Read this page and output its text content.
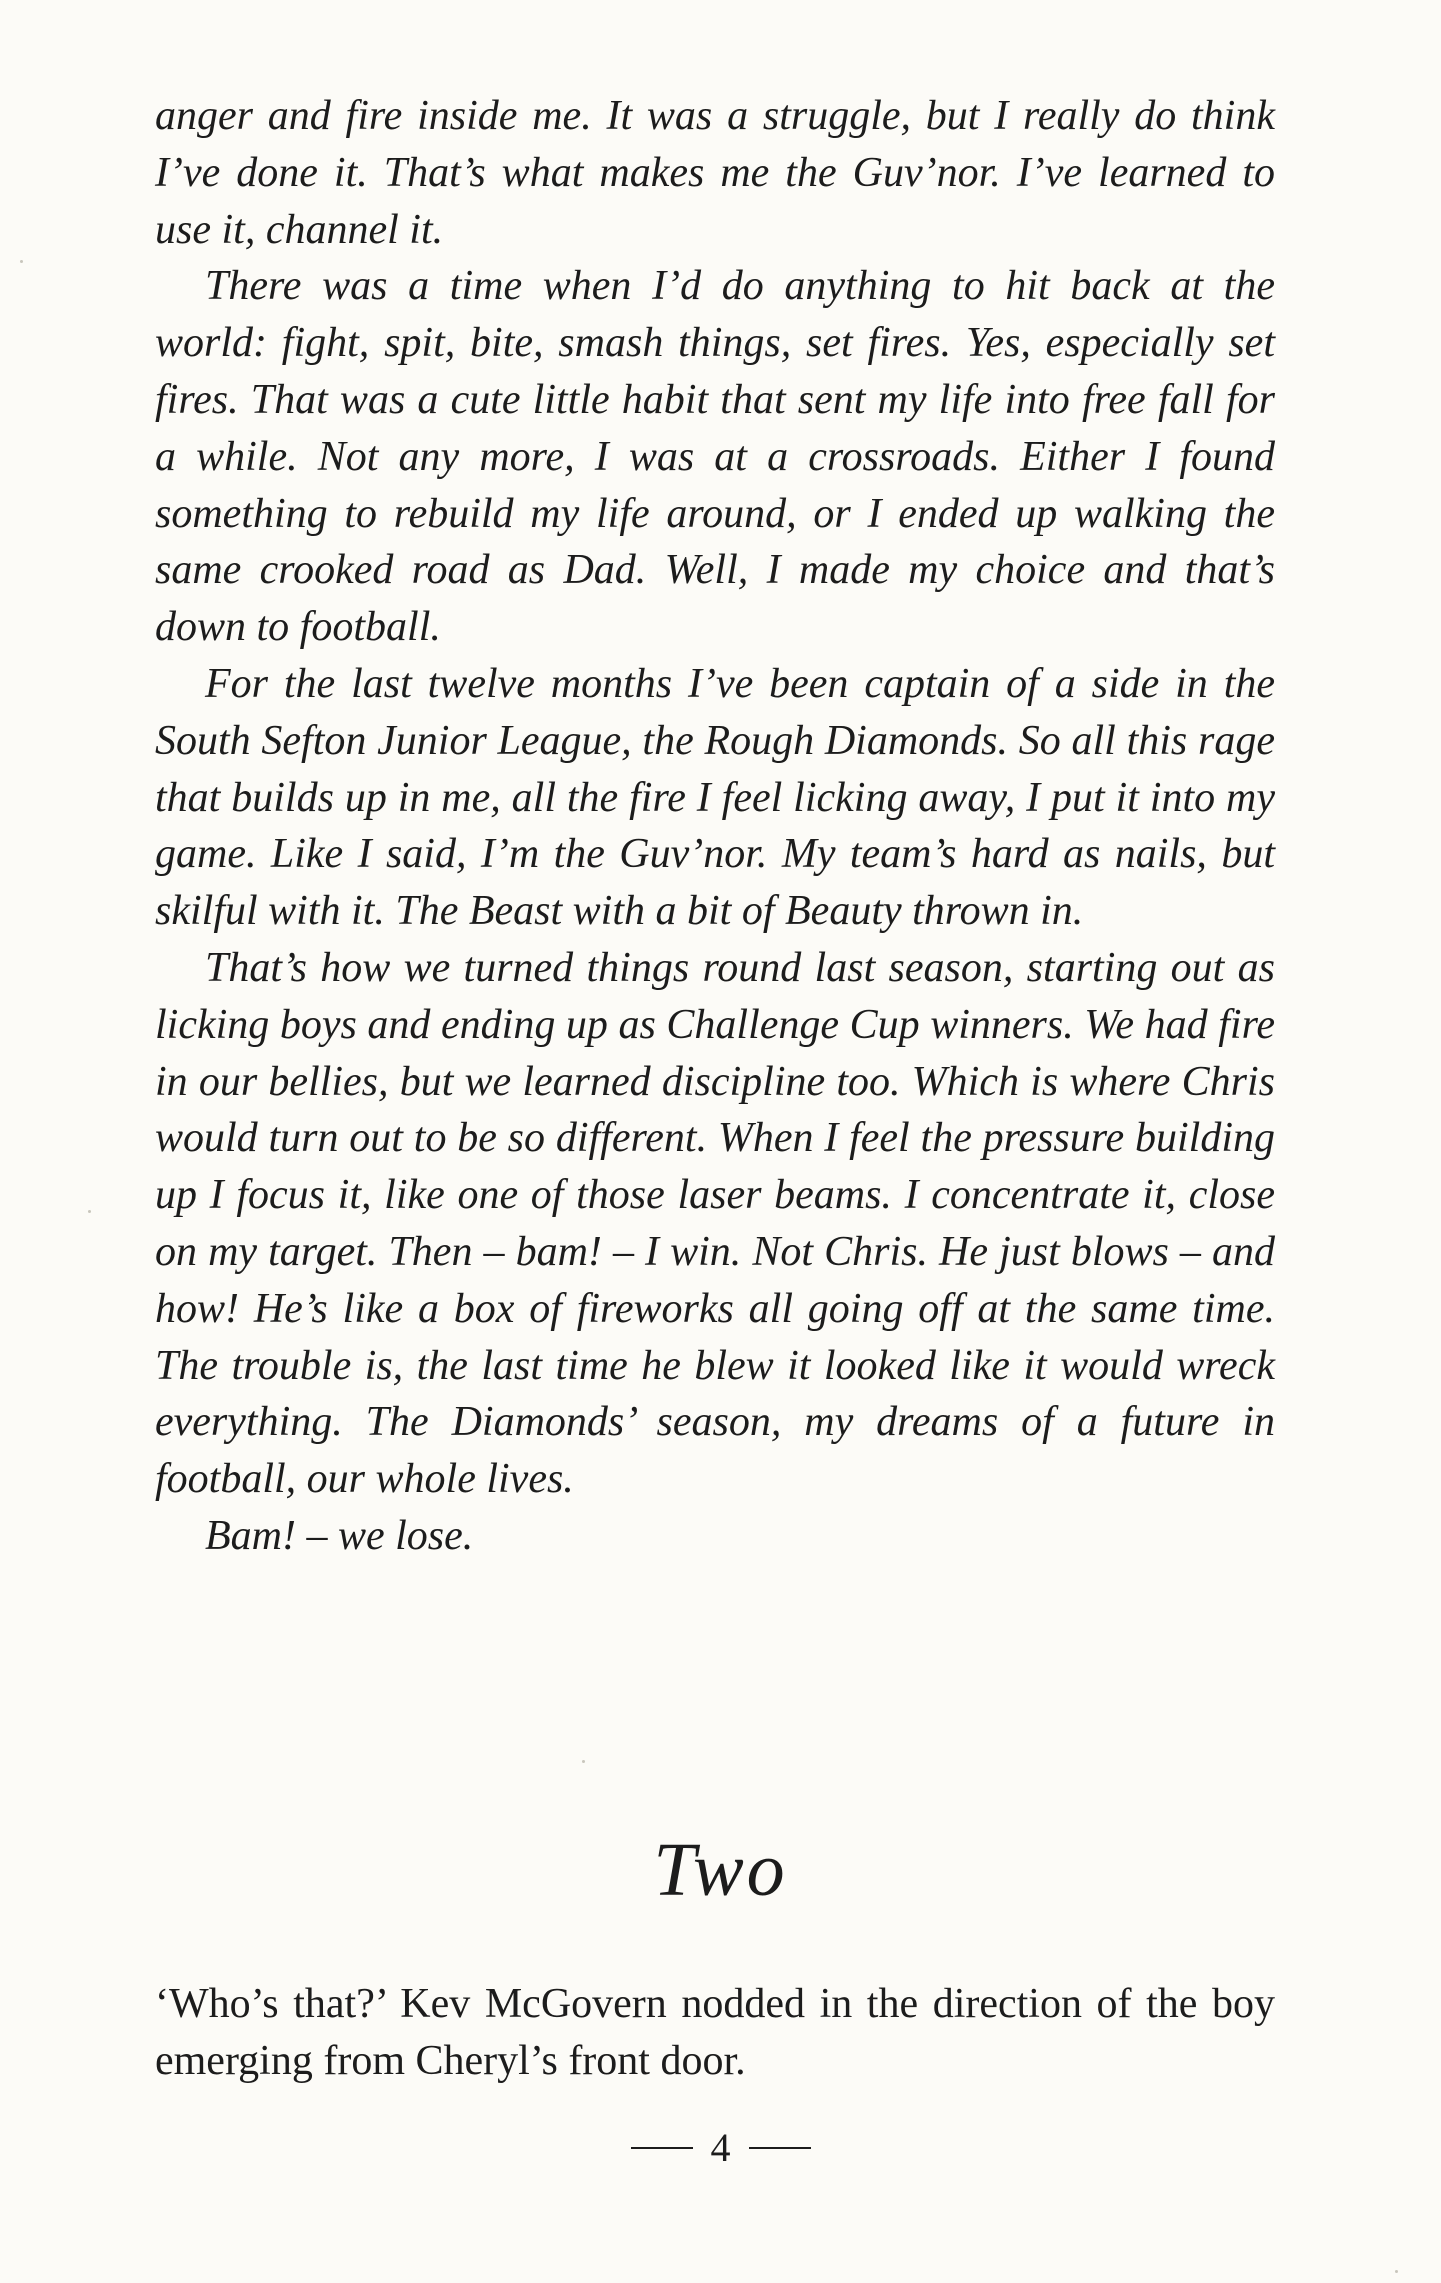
anger and fire inside me. It was a struggle, but I really do think I’ve done it. That’s what makes me the Guv’nor. I’ve learned to use it, channel it.

There was a time when I’d do anything to hit back at the world: fight, spit, bite, smash things, set fires. Yes, especially set fires. That was a cute little habit that sent my life into free fall for a while. Not any more, I was at a crossroads. Either I found something to rebuild my life around, or I ended up walking the same crooked road as Dad. Well, I made my choice and that’s down to football.

For the last twelve months I’ve been captain of a side in the South Sefton Junior League, the Rough Diamonds. So all this rage that builds up in me, all the fire I feel licking away, I put it into my game. Like I said, I’m the Guv’nor. My team’s hard as nails, but skilful with it. The Beast with a bit of Beauty thrown in.

That’s how we turned things round last season, starting out as licking boys and ending up as Challenge Cup winners. We had fire in our bellies, but we learned discipline too. Which is where Chris would turn out to be so different. When I feel the pressure building up I focus it, like one of those laser beams. I concentrate it, close on my target. Then – bam! – I win. Not Chris. He just blows – and how! He’s like a box of fireworks all going off at the same time. The trouble is, the last time he blew it looked like it would wreck everything. The Diamonds’ season, my dreams of a future in football, our whole lives.

Bam! – we lose.

Two

‘Who’s that?’ Kev McGovern nodded in the direction of the boy emerging from Cheryl’s front door.

4
